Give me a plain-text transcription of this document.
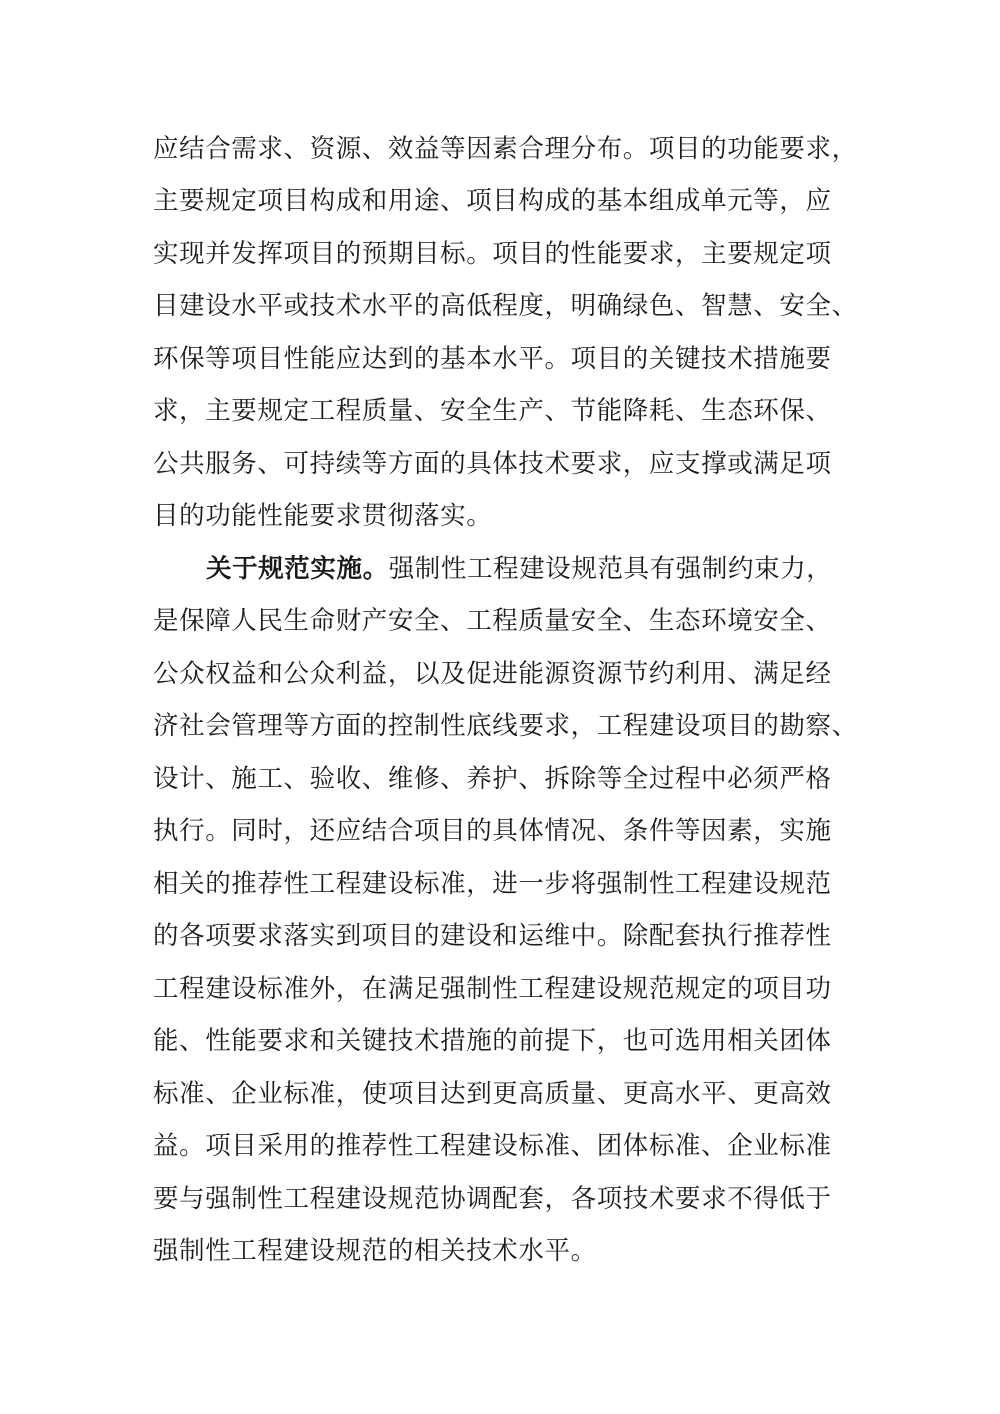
应结合需求、资源、效益等因素合理分布。项目的功能要求，
主要规定项目构成和用途、项目构成的基本组成单元等，应
实现并发挥项目的预期目标。项目的性能要求，主要规定项
目建设水平或技术水平的高低程度，明确绿色、智慧、安全、
环保等项目性能应达到的基本水平。项目的关键技术措施要
求，主要规定工程质量、安全生产、节能降耗、生态环保、
公共服务、可持续等方面的具体技术要求，应支撑或满足项
目的功能性能要求贯彻落实。
关于规范实施。强制性工程建设规范具有强制约束力，
是保障人民生命财产安全、工程质量安全、生态环境安全、
公众权益和公众利益，以及促进能源资源节约利用、满足经
济社会管理等方面的控制性底线要求，工程建设项目的勘察、
设计、施工、验收、维修、养护、拆除等全过程中必须严格
执行。同时，还应结合项目的具体情况、条件等因素，实施
相关的推荐性工程建设标准，进一步将强制性工程建设规范
的各项要求落实到项目的建设和运维中。除配套执行推荐性
工程建设标准外，在满足强制性工程建设规范规定的项目功
能、性能要求和关键技术措施的前提下，也可选用相关团体
标准、企业标准，使项目达到更高质量、更高水平、更高效
益。项目采用的推荐性工程建设标准、团体标准、企业标准
要与强制性工程建设规范协调配套，各项技术要求不得低于
强制性工程建设规范的相关技术水平。
